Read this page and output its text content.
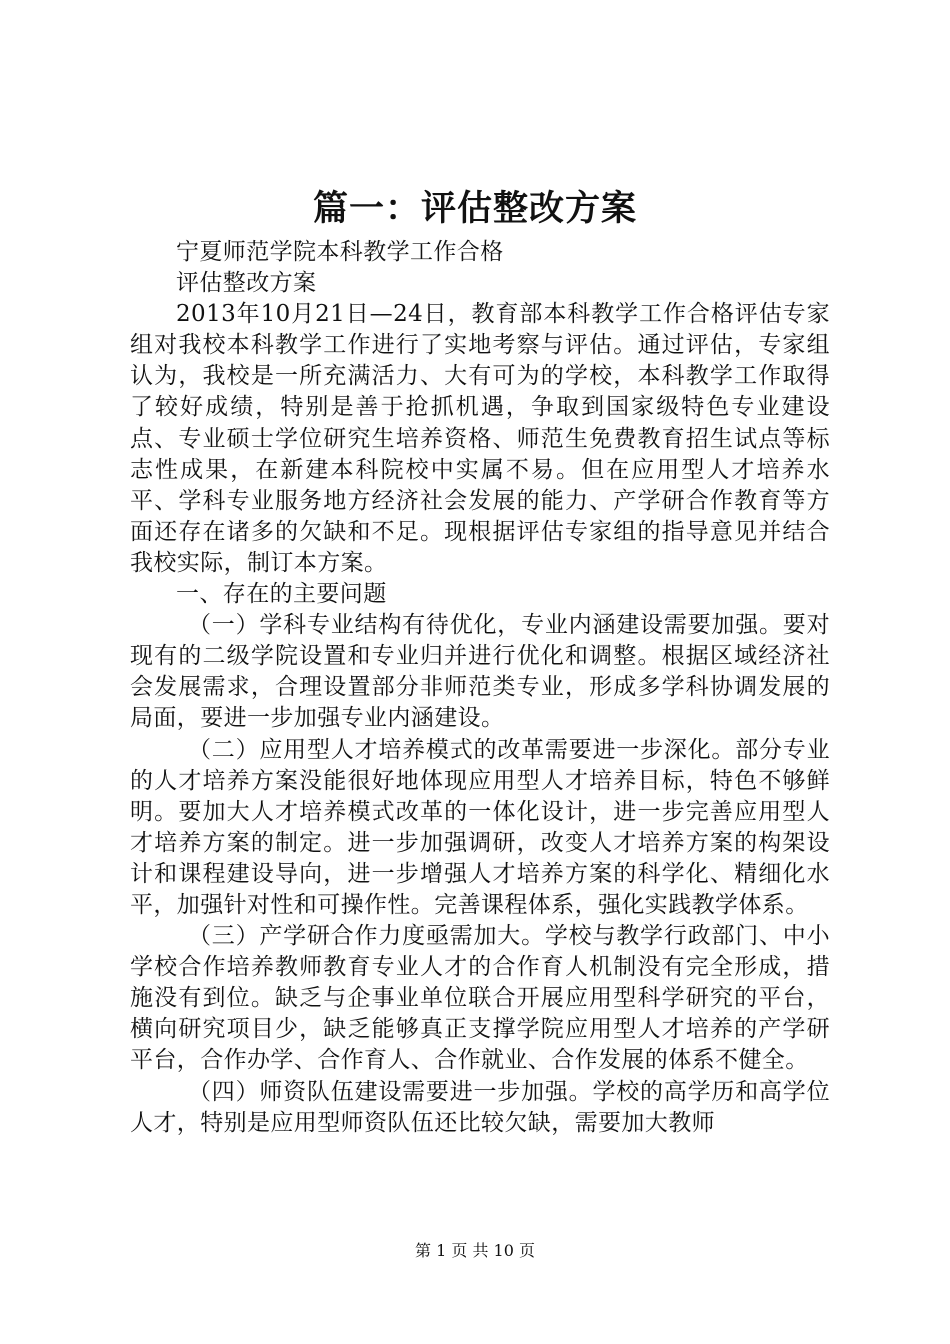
篇一：评估整改方案

宁夏师范学院本科教学工作合格

评估整改方案

2013年10月21日—24日，教育部本科教学工作合格评估专家组对我校本科教学工作进行了实地考察与评估。通过评估，专家组认为，我校是一所充满活力、大有可为的学校，本科教学工作取得了较好成绩，特别是善于抢抓机遇，争取到国家级特色专业建设点、专业硕士学位研究生培养资格、师范生免费教育招生试点等标志性成果，在新建本科院校中实属不易。但在应用型人才培养水平、学科专业服务地方经济社会发展的能力、产学研合作教育等方面还存在诸多的欠缺和不足。现根据评估专家组的指导意见并结合我校实际，制订本方案。

一、存在的主要问题

（一）学科专业结构有待优化，专业内涵建设需要加强。要对现有的二级学院设置和专业归并进行优化和调整。根据区域经济社会发展需求，合理设置部分非师范类专业，形成多学科协调发展的局面，要进一步加强专业内涵建设。

（二）应用型人才培养模式的改革需要进一步深化。部分专业的人才培养方案没能很好地体现应用型人才培养目标，特色不够鲜明。要加大人才培养模式改革的一体化设计，进一步完善应用型人才培养方案的制定。进一步加强调研，改变人才培养方案的构架设计和课程建设导向，进一步增强人才培养方案的科学化、精细化水平，加强针对性和可操作性。完善课程体系，强化实践教学体系。

（三）产学研合作力度亟需加大。学校与教学行政部门、中小学校合作培养教师教育专业人才的合作育人机制没有完全形成，措施没有到位。缺乏与企事业单位联合开展应用型科学研究的平台，横向研究项目少，缺乏能够真正支撑学院应用型人才培养的产学研平台，合作办学、合作育人、合作就业、合作发展的体系不健全。

（四）师资队伍建设需要进一步加强。学校的高学历和高学位人才，特别是应用型师资队伍还比较欠缺，需要加大教师

第 1 页 共 10 页
